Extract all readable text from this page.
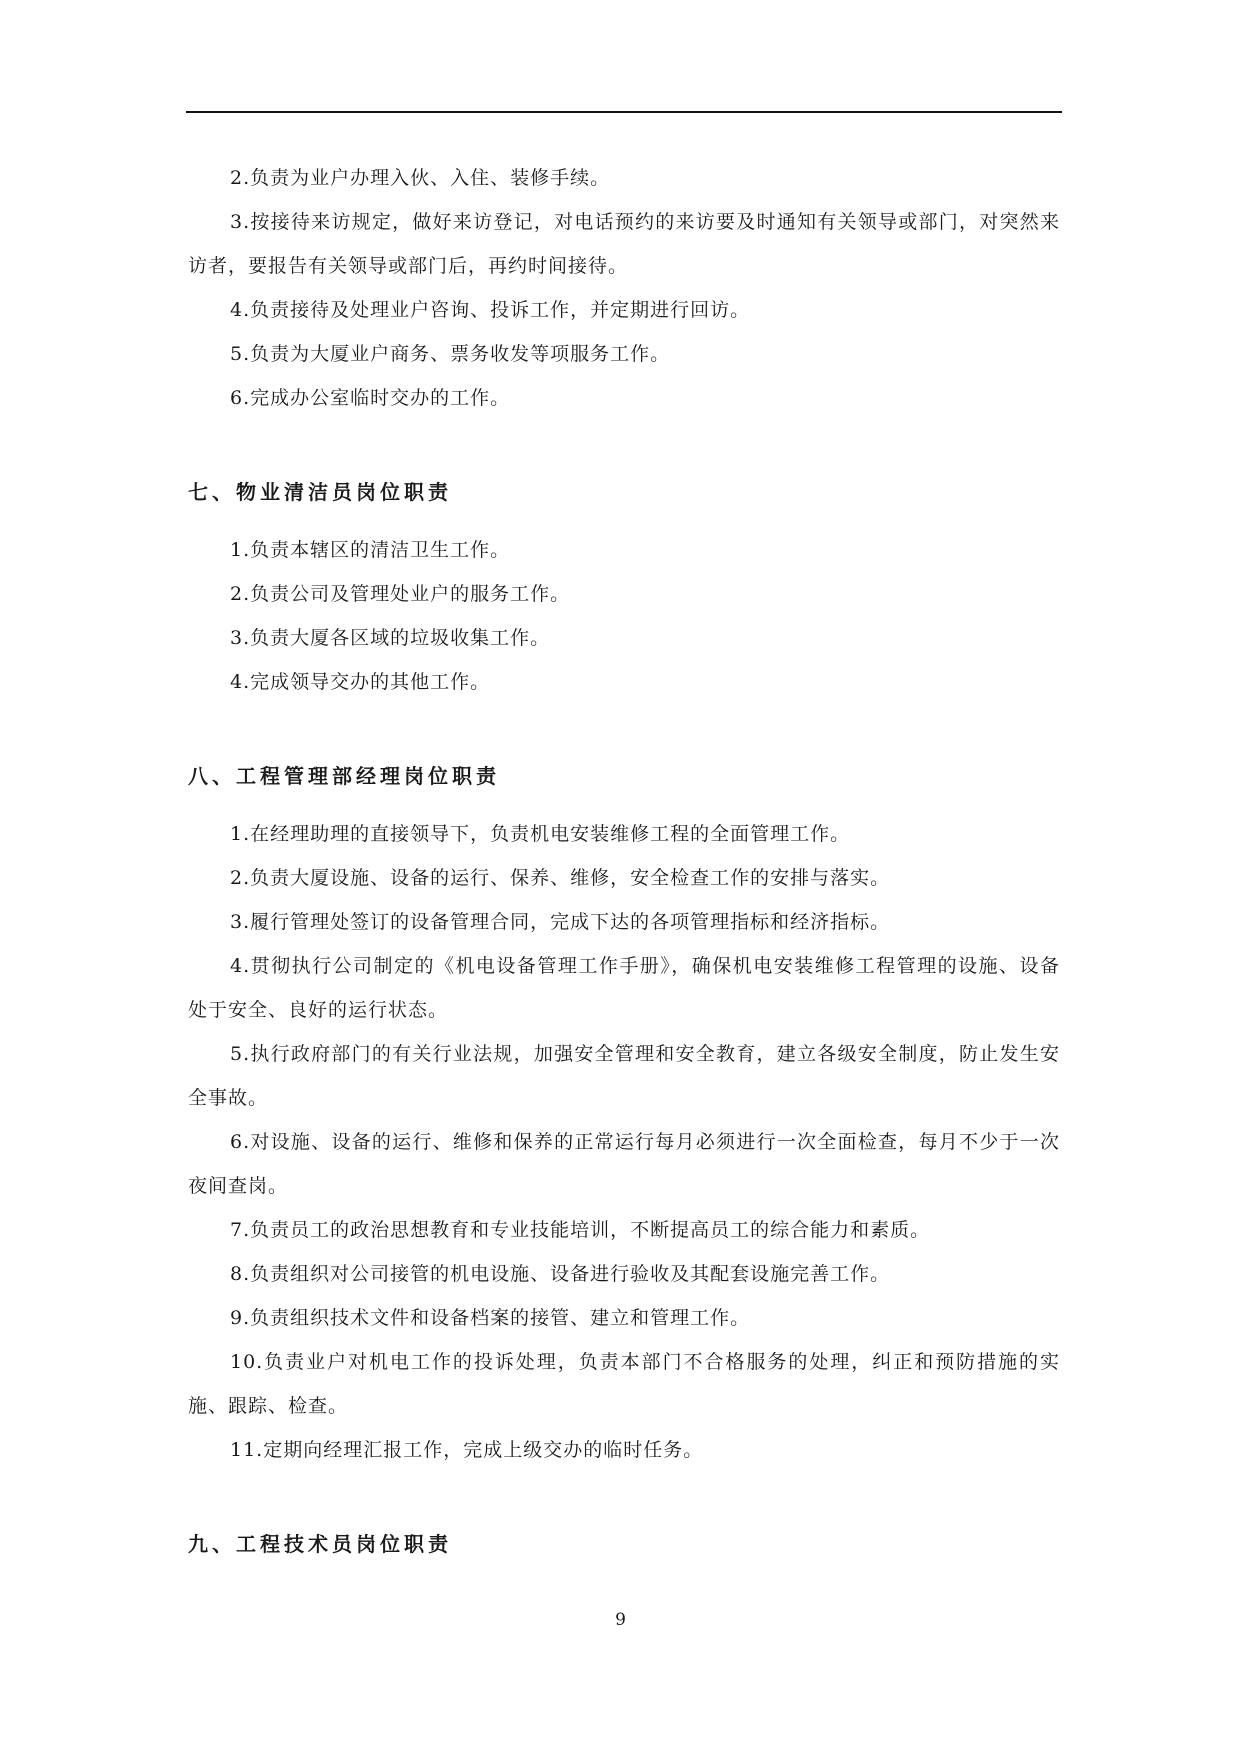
2.负责为业户办理入伙、入住、装修手续。

3.按接待来访规定，做好来访登记，对电话预约的来访要及时通知有关领导或部门，对突然来访者，要报告有关领导或部门后，再约时间接待。

4.负责接待及处理业户咨询、投诉工作，并定期进行回访。

5.负责为大厦业户商务、票务收发等项服务工作。

6.完成办公室临时交办的工作。

七、物业清洁员岗位职责

1.负责本辖区的清洁卫生工作。

2.负责公司及管理处业户的服务工作。

3.负责大厦各区域的垃圾收集工作。

4.完成领导交办的其他工作。

八、工程管理部经理岗位职责

1.在经理助理的直接领导下，负责机电安装维修工程的全面管理工作。

2.负责大厦设施、设备的运行、保养、维修，安全检查工作的安排与落实。

3.履行管理处签订的设备管理合同，完成下达的各项管理指标和经济指标。

4.贯彻执行公司制定的《机电设备管理工作手册》，确保机电安装维修工程管理的设施、设备处于安全、良好的运行状态。

5.执行政府部门的有关行业法规，加强安全管理和安全教育，建立各级安全制度，防止发生安全事故。

6.对设施、设备的运行、维修和保养的正常运行每月必须进行一次全面检查，每月不少于一次夜间查岗。

7.负责员工的政治思想教育和专业技能培训，不断提高员工的综合能力和素质。

8.负责组织对公司接管的机电设施、设备进行验收及其配套设施完善工作。

9.负责组织技术文件和设备档案的接管、建立和管理工作。

10.负责业户对机电工作的投诉处理，负责本部门不合格服务的处理，纠正和预防措施的实施、跟踪、检查。

11.定期向经理汇报工作，完成上级交办的临时任务。

九、工程技术员岗位职责

9
